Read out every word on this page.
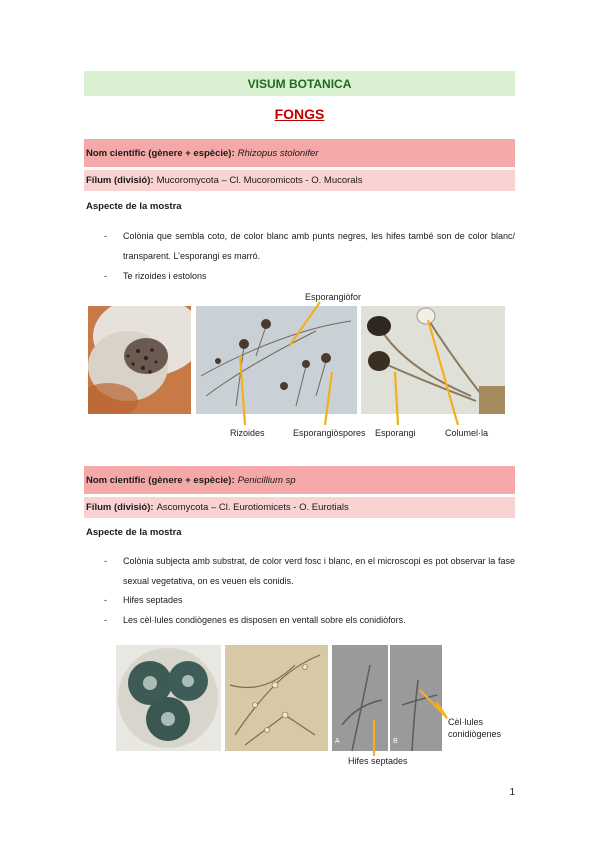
VISUM BOTANICA
FONGS
Nom científic (gènere + espècie): Rhizopus stolonifer
Fílum (divisió): Mucoromycota – Cl. Mucoromicots - O. Mucorals
Aspecte de la mostra
- Colònia que sembla coto, de color blanc amb punts negres, les hifes també son de color blanc/ transparent. L’esporangi es marró.
- Te rizoides i estolons
Esporangiòfor
Rizoides	Esporangiòspores Esporangi	Columel·la
Nom científic (gènere + espècie): Penicillium sp
Fílum (divisió): Ascomycota – Cl. Eurotiomicets - O. Eurotials
Aspecte de la mostra
- Colònia subjecta amb substrat, de color verd fosc i blanc, en el microscopi es pot observar la fase sexual vegetativa, on es veuen els conidis.
- Hifes septades
- Les cèl·lules condiògenes es disposen en ventall sobre els conidiòfors.
A	B
Cèl·lules conidiògenes
Hifes septades
1
